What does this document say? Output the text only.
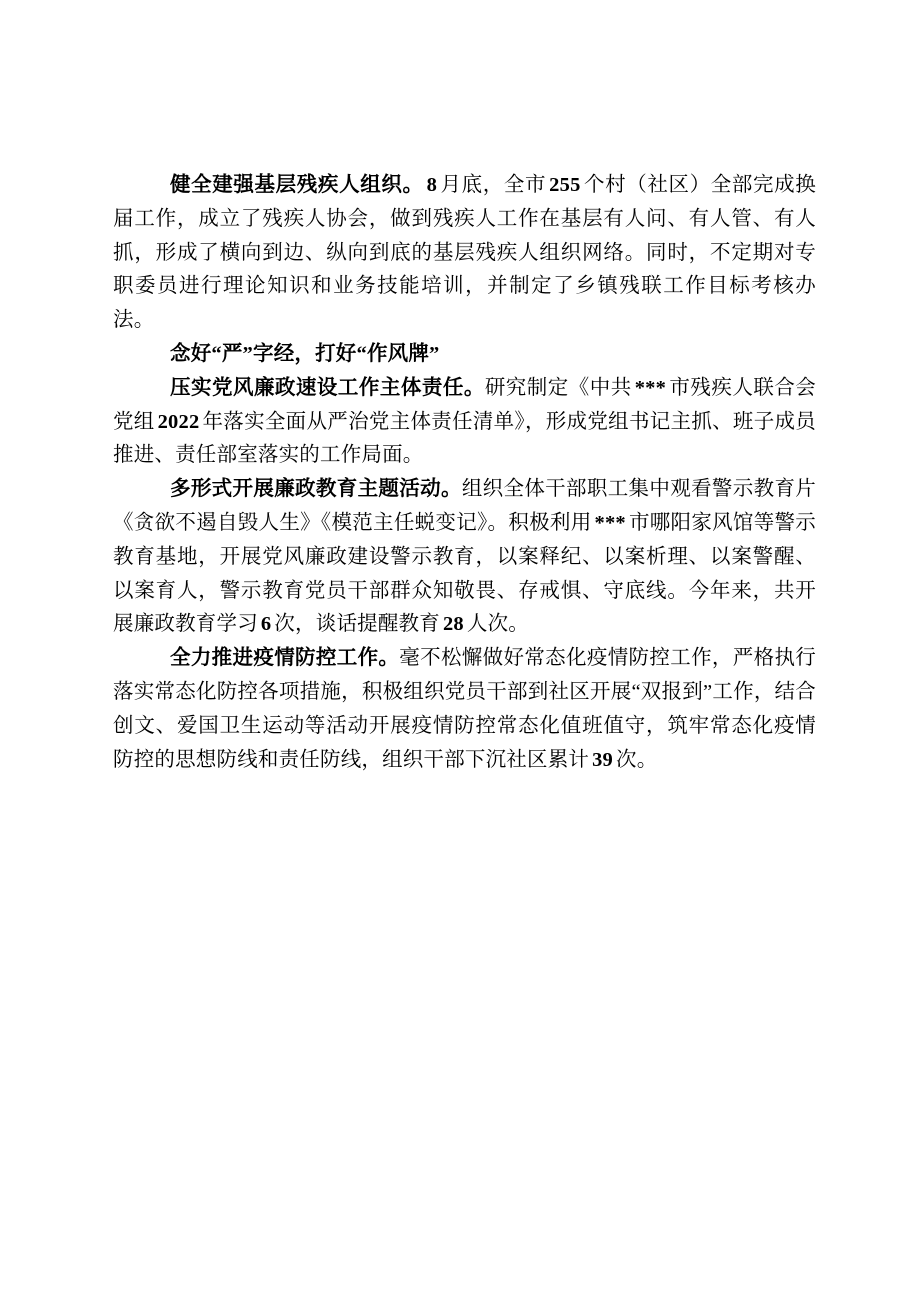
健全建强基层残疾人组织。 8 月底，全市 255 个村（社区）全部完成换届工作，成立了残疾人协会，做到残疾人工作在基层有人问、有人管、有人抓，形成了横向到边、纵向到底的基层残疾人组织网络。同时，不定期对专职委员进行理论知识和业务技能培训，并制定了乡镇残联工作目标考核办法。

念好“严”字经，打好“作风牌”

压实党风廉政速设工作主体责任。研究制定《中共 *** 市残疾人联合会党组 2022 年落实全面从严治党主体责任清单》，形成党组书记主抓、班子成员推进、责任部室落实的工作局面。

多形式开展廉政教育主题活动。组织全体干部职工集中观看警示教育片《贪欲不遏自毁人生》《模范主任蜕变记》。积极利用 *** 市哪阳家风馆等警示教育基地，开展党风廉政建设警示教育，以案释纪、以案析理、以案警醒、以案育人，警示教育党员干部群众知敬畏、存戒惧、守底线。今年来，共开展廉政教育学习 6 次，谈话提醒教育 28 人次。

全力推进疫情防控工作。毫不松懈做好常态化疫情防控工作，严格执行落实常态化防控各项措施，积极组织党员干部到社区开展“双报到”工作，结合创文、爱国卫生运动等活动开展疫情防控常态化值班值守，筑牢常态化疫情防控的思想防线和责任防线，组织干部下沉社区累计 39 次。
